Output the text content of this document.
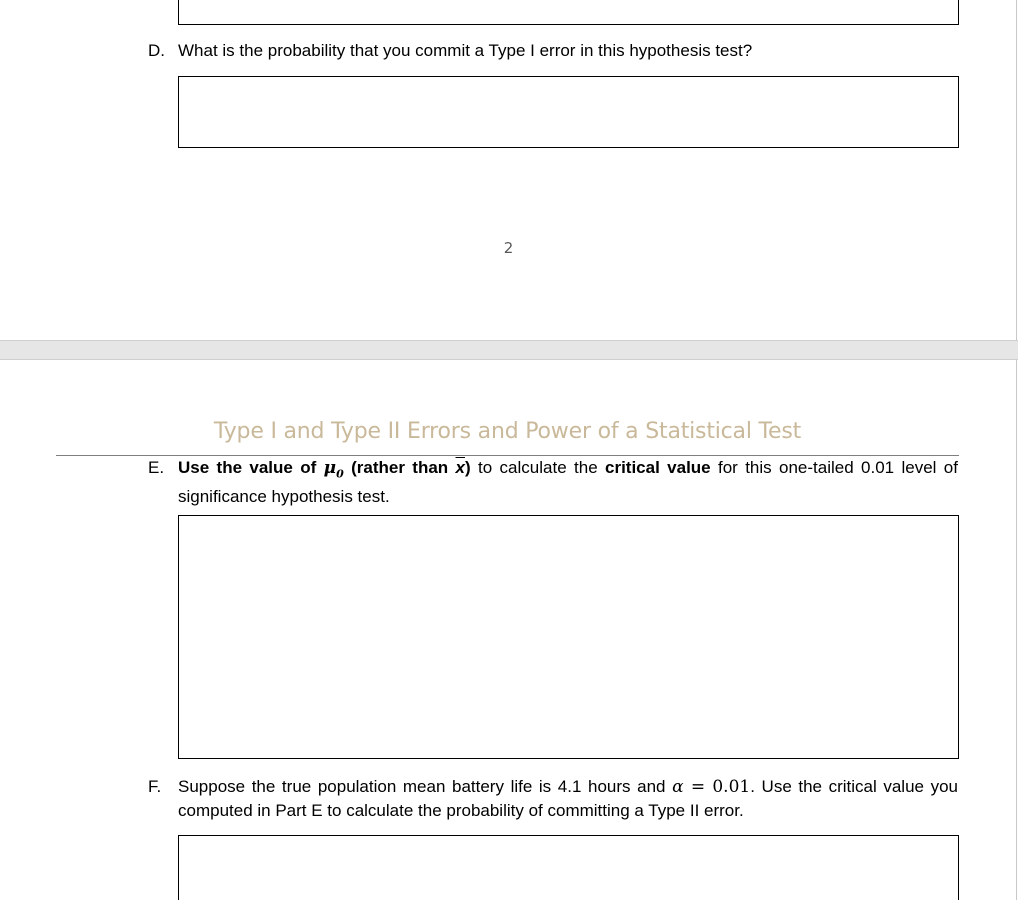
D. What is the probability that you commit a Type I error in this hypothesis test?
2
Type I and Type II Errors and Power of a Statistical Test
E. Use the value of $\mu_0$ (rather than $\overline{x}$) to calculate the critical value for this one-tailed 0.01 level of significance hypothesis test.
F. Suppose the true population mean battery life is 4.1 hours and α = 0.01. Use the critical value you computed in Part E to calculate the probability of committing a Type II error.
